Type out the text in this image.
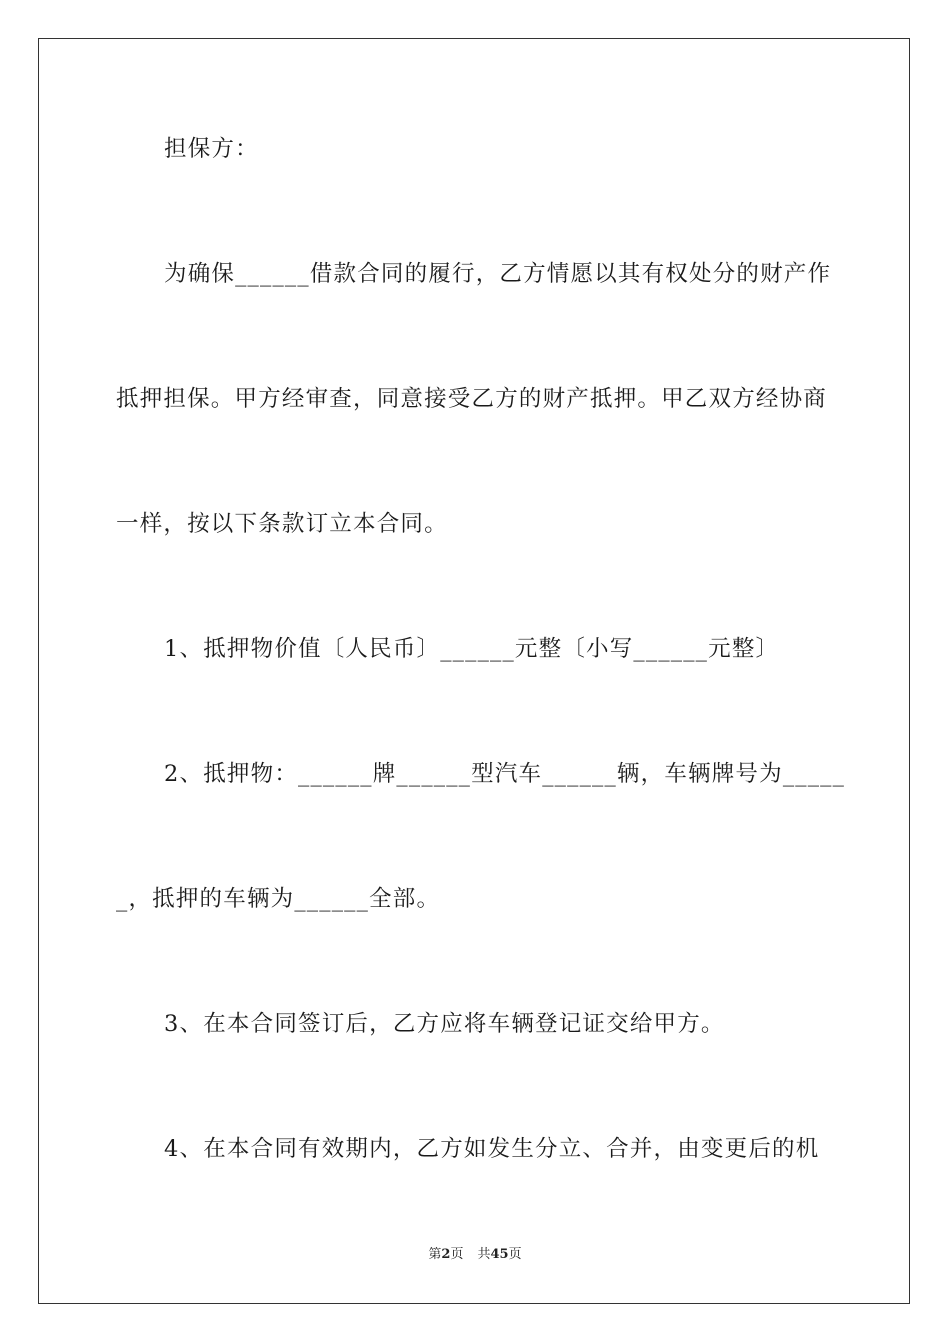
担保方：
为确保______借款合同的履行，乙方情愿以其有权处分的财产作
抵押担保。甲方经审查，同意接受乙方的财产抵押。甲乙双方经协商
一样，按以下条款订立本合同。
1、抵押物价值〔人民币〕______元整〔小写______元整〕
2、抵押物：______牌______型汽车______辆，车辆牌号为_____
_，抵押的车辆为______全部。
3、在本合同签订后，乙方应将车辆登记证交给甲方。
4、在本合同有效期内，乙方如发生分立、合并，由变更后的机
第2页 共45页
